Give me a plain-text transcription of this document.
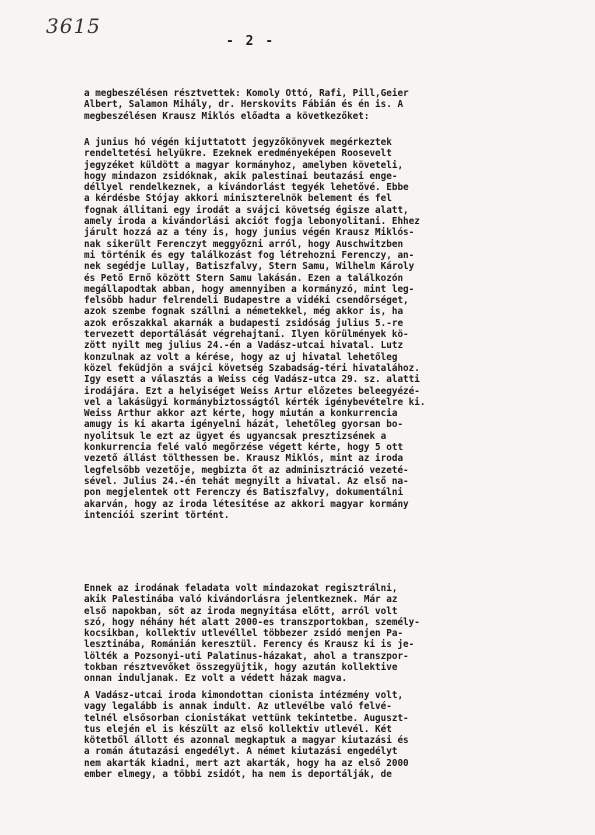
3615
- 2 -
a megbeszélésen résztvettek: Komoly Ottó, Rafi, Pill,Geier
Albert, Salamon Mihály, dr. Herskovits Fábián és én is. A
megbeszélésen Krausz Miklós előadta a következőket:
A junius hó végén kijuttatott jegyzőkönyvek megérkeztek
rendeltetési helyükre. Ezeknek eredményeképen Roosevelt
jegyzéket küldött a magyar kormányhoz, amelyben követeli,
hogy mindazon zsidóknak, akik palestinai beutazási enge-
déllyel rendelkeznek, a kivándorlást tegyék lehetővé. Ebbe
a kérdésbe Stójay akkori miniszterelnök belement és fel
fognak állitani egy irodát a svájci követség égisze alatt,
amely iroda a kivándorlási akciót fogja lebonyolitani. Ehhez
járult hozzá az a tény is, hogy junius végén Krausz Miklós-
nak sikerült Ferenczyt meggyőzni arról, hogy Auschwitzben
mi történik és egy találkozást fog létrehozni Ferenczy, an-
nek segédje Lullay, Batiszfalvy, Stern Samu, Wilhelm Károly
és Pető Ernő között Stern Samu lakásán. Ezen a találkozón
megállapodtak abban, hogy amennyiben a kormányzó, mint leg-
felsőbb hadur felrendeli Budapestre a vidéki csendőrséget,
azok szembe fognak szállni a németekkel, még akkor is, ha
azok erőszakkal akarnák a budapesti zsidóság julius 5.-re
tervezett deportálását végrehajtani. Ilyen körülmények kö-
zött nyilt meg julius 24.-én a Vadász-utcai hivatal. Lutz
konzulnak az volt a kérése, hogy az uj hivatal lehetőleg
közel feküdjön a svájci követség Szabadság-téri hivatalához.
Igy esett a választás a Weiss cég Vadász-utca 29. sz. alatti
irodájára. Ezt a helyiséget Weiss Artur előzetes beleegyézé-
vel a lakásügyi kormánybiztosságtól kérték igénybevételre ki.
Weiss Arthur akkor azt kérte, hogy miután a konkurrencia
amugy is ki akarta igényelni házát, lehetőleg gyorsan bo-
nyolitsuk le ezt az ügyet és ugyancsak presztizsének a
konkurrencia felé való megőrzése végett kérte, hogy 5 ott
vezető állást tölthessen be. Krausz Miklós, mint az iroda
legfelsőbb vezetője, megbizta őt az adminisztráció vezeté-
sével. Julius 24.-én tehát megnyilt a hivatal. Az első na-
pon megjelentek ott Ferenczy és Batiszfalvy, dokumentálni
akarván, hogy az iroda létesitése az akkori magyar kormány
intenciói szerint történt.
Ennek az irodának feladata volt mindazokat regisztrálni,
akik Palestinába való kivándorlásra jelentkeznek. Már az
első napokban, sőt az iroda megnyitása előtt, arról volt
szó, hogy néhány hét alatt 2000-es transzportokban, személy-
kocsikban, kollektiv utlevéllel többezer zsidó menjen Pa-
lesztinába, Románián keresztül. Ferency és Krausz ki is je-
lölték a Pozsonyi-uti Palatinus-házakat, ahol a transzpor-
tokban résztvevőket összegyüjtik, hogy azután kollektive
onnan induljanak. Ez volt a védett házak magva.
A Vadász-utcai iroda kimondottan cionista intézmény volt,
vagy legalább is annak indult. Az utlevélbe való felvé-
telnél elsősorban cionistákat vettünk tekintetbe. Auguszt-
tus elején el is készült az első kollektiv utlevél. Két
kötetből állott és azonnal megkaptuk a magyar kiutazási és
a román átutazási engedélyt. A német kiutazási engedélyt
nem akarták kiadni, mert azt akarták, hogy ha az első 2000
ember elmegy, a többi zsidót, ha nem is deportálják, de
